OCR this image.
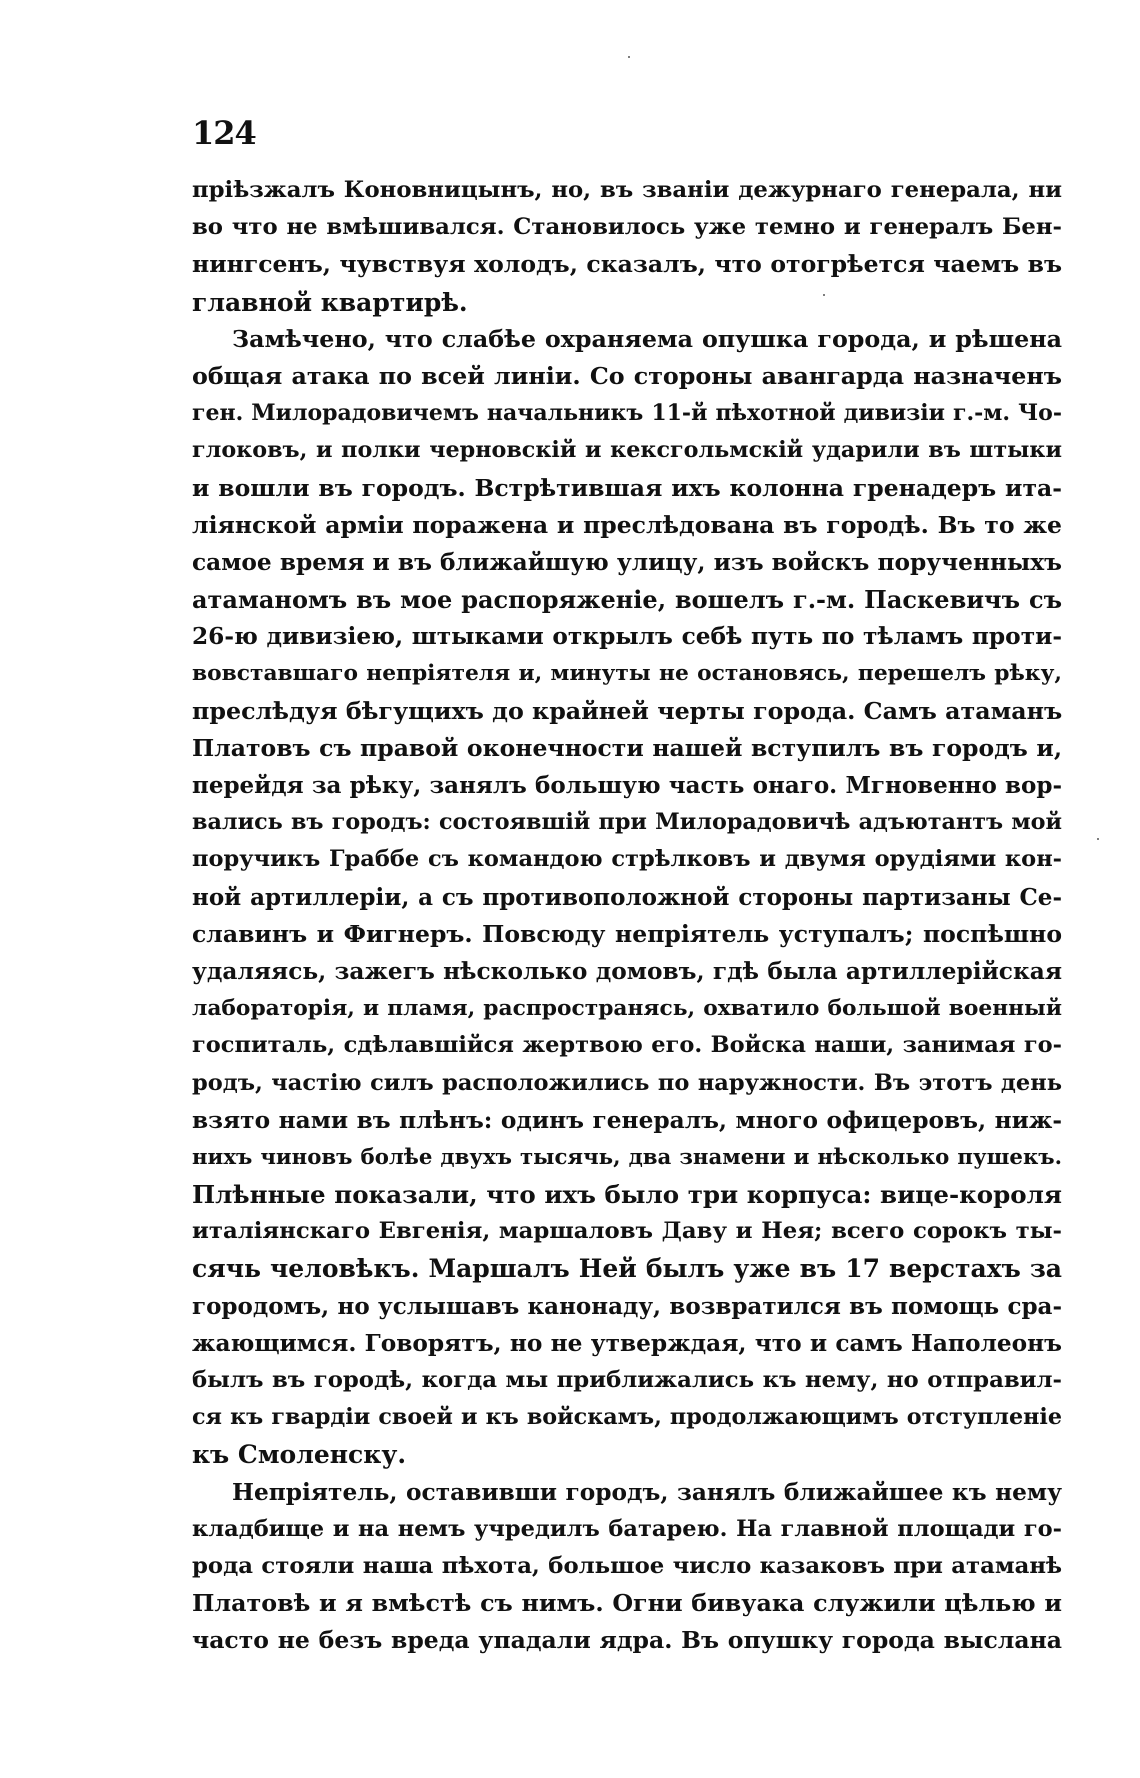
124

прiѣзжалъ Коновницынъ, но, въ званiи дежурнаго генерала, ни
во что не вмѣшивался. Становилось уже темно и генералъ Бен-
нингсенъ, чувствуя холодъ, сказалъ, что отогрѣется чаемъ въ
главной квартирѣ.

Замѣчено, что слабѣе охраняема опушка города, и рѣшена
общая атака по всей линiи. Со стороны авангарда назначенъ
ген. Милорадовичемъ начальникъ 11-й пѣхотной дивизiи г.-м. Чо-
глоковъ, и полки черновскiй и кексгольмскiй ударили въ штыки
и вошли въ городъ. Встрѣтившая ихъ колонна гренадеръ ита-
лiянской армiи поражена и преслѣдована въ городѣ. Въ то же
самое время и въ ближайшую улицу, изъ войскъ порученныхъ
атаманомъ въ мое распоряженiе, вошелъ г.-м. Паскевичъ съ
26-ю дивизiею, штыками открылъ себѣ путь по тѣламъ проти-
вовставшаго непрiятеля и, минуты не остановясь, перешелъ рѣку,
преслѣдуя бѣгущихъ до крайней черты города. Самъ атаманъ
Платовъ съ правой оконечности нашей вступилъ въ городъ и,
перейдя за рѣку, занялъ большую часть онаго. Мгновенно вор-
вались въ городъ: состоявшiй при Милорадовичѣ адъютантъ мой
поручикъ Граббе съ командою стрѣлковъ и двумя орудiями кон-
ной артиллерiи, а съ противоположной стороны партизаны Се-
славинъ и Фигнеръ. Повсюду непрiятель уступалъ; поспѣшно
удаляясь, зажегъ нѣсколько домовъ, гдѣ была артиллерiйская
лабораторiя, и пламя, распространясь, охватило большой военный
госпиталь, сдѣлавшiйся жертвою его. Войска наши, занимая го-
родъ, частiю силъ расположились по наружности. Въ этотъ день
взято нами въ плѣнъ: одинъ генералъ, много офицеровъ, ниж-
нихъ чиновъ болѣе двухъ тысячь, два знамени и нѣсколько пушекъ.
Плѣнные показали, что ихъ было три корпуса: вице-короля
италiянскаго Евгенiя, маршаловъ Даву и Нея; всего сорокъ ты-
сячь человѣкъ. Маршалъ Ней былъ уже въ 17 верстахъ за
городомъ, но услышавъ канонаду, возвратился въ помощь сра-
жающимся. Говорятъ, но не утверждая, что и самъ Наполеонъ
былъ въ городѣ, когда мы приближались къ нему, но отправил-
ся къ гвардiи своей и къ войскамъ, продолжающимъ отступленiе
къ Смоленску.

Непрiятель, оставивши городъ, занялъ ближайшее къ нему
кладбище и на немъ учредилъ батарею. На главной площади го-
рода стояли наша пѣхота, большое число казаковъ при атаманѣ
Платовѣ и я вмѣстѣ съ нимъ. Огни бивуака служили цѣлью и
часто не безъ вреда упадали ядра. Въ опушку города выслана
